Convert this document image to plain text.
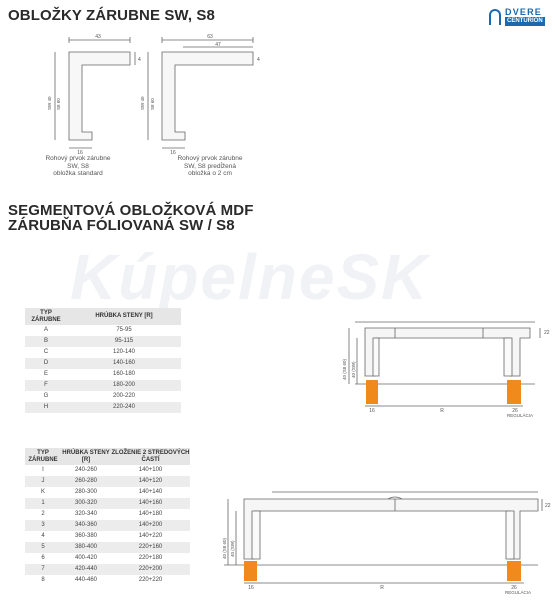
OBLOŽKY ZÁRUBNE SW, S8	DVERE
CENTURION
43
4
16
SW 40 S8 60
63
47
4
16
SW 40 S8 60
Rohový prvok zárubne
SW, S8
obložka standard
Rohový prvok zárubne
SW, S8 predĺžená
obložka o 2 cm
SEGMENTOVÁ OBLOŽKOVÁ MDF
ZÁRUBŇA FÓLIOVANÁ SW / S8
KúpelneSK
TYP ZÁRUBNE	HRÚBKA STENY [R]
A	75-95
B	95-115
C	120-140
D	140-160
E	160-180
F	180-200
G	200-220
H	220-240
TYP ZÁRUBNE	HRÚBKA STENY [R]	ZLOŽENIE 2 STREDOVÝCH ČASTÍ
I	240-260	140+100
J	260-280	140+120
K	280-300	140+140
1	300-320	140+160
2	320-340	140+180
3	340-360	140+200
4	360-380	140+220
5	380-400	220+160
6	400-420	220+180
7	420-440	220+200
8	440-460	220+220
16	R	26
REGULÁCIA
22
40 (S8 60) 40 (SW)
16	R	26
REGULÁCIA
22
40 (S8 60) 40 (SW)
